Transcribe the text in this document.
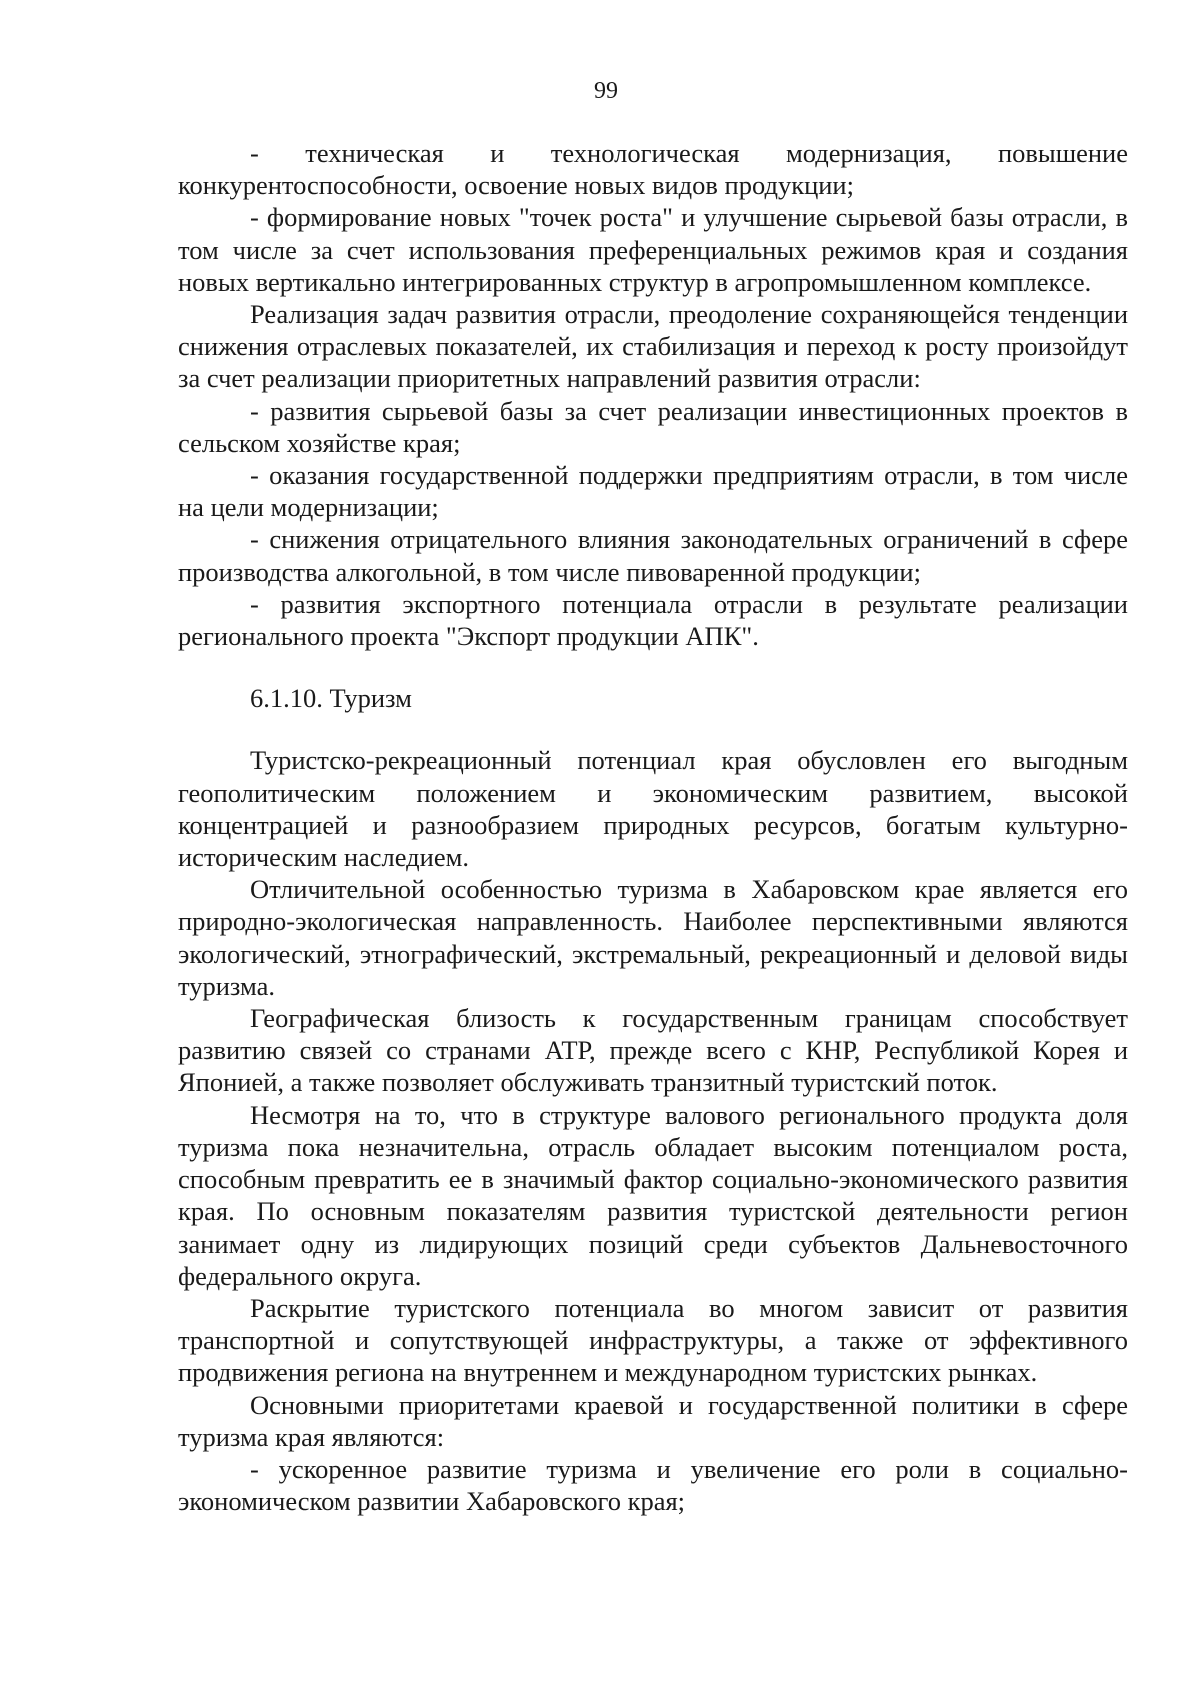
99

- техническая и технологическая модернизация, повышение конкурентоспособности, освоение новых видов продукции;

- формирование новых "точек роста" и улучшение сырьевой базы отрасли, в том числе за счет использования преференциальных режимов края и создания новых вертикально интегрированных структур в агропромышленном комплексе.

Реализация задач развития отрасли, преодоление сохраняющейся тенденции снижения отраслевых показателей, их стабилизация и переход к росту произойдут за счет реализации приоритетных направлений развития отрасли:

- развития сырьевой базы за счет реализации инвестиционных проектов в сельском хозяйстве края;

- оказания государственной поддержки предприятиям отрасли, в том числе на цели модернизации;

- снижения отрицательного влияния законодательных ограничений в сфере производства алкогольной, в том числе пивоваренной продукции;

- развития экспортного потенциала отрасли в результате реализации регионального проекта "Экспорт продукции АПК".

6.1.10. Туризм

Туристско-рекреационный потенциал края обусловлен его выгодным геополитическим положением и экономическим развитием, высокой концентрацией и разнообразием природных ресурсов, богатым культурно-историческим наследием.

Отличительной особенностью туризма в Хабаровском крае является его природно-экологическая направленность. Наиболее перспективными являются экологический, этнографический, экстремальный, рекреационный и деловой виды туризма.

Географическая близость к государственным границам способствует развитию связей со странами АТР, прежде всего с КНР, Республикой Корея и Японией, а также позволяет обслуживать транзитный туристский поток.

Несмотря на то, что в структуре валового регионального продукта доля туризма пока незначительна, отрасль обладает высоким потенциалом роста, способным превратить ее в значимый фактор социально-экономического развития края. По основным показателям развития туристской деятельности регион занимает одну из лидирующих позиций среди субъектов Дальневосточного федерального округа.

Раскрытие туристского потенциала во многом зависит от развития транспортной и сопутствующей инфраструктуры, а также от эффективного продвижения региона на внутреннем и международном туристских рынках.

Основными приоритетами краевой и государственной политики в сфере туризма края являются:

- ускоренное развитие туризма и увеличение его роли в социально-экономическом развитии Хабаровского края;
